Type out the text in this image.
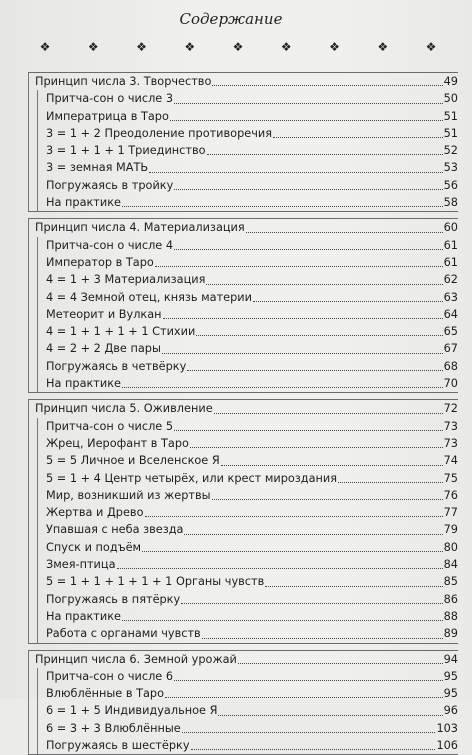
Содержание
❖	❖	❖	❖	❖	❖	❖	❖	❖
Принцип числа 3. Творчество	49
Притча-сон о числе 3	50
Императрица в Таро	51
3 = 1 + 2 Преодоление противоречия	51
3 = 1 + 1 + 1 Триединство	52
3 = земная МАТЬ	53
Погружаясь в тройку	56
На практике	58
Принцип числа 4. Материализация	60
Притча-сон о числе 4	61
Император в Таро	61
4 = 1 + 3 Материализация	62
4 = 4 Земной отец, князь материи	63
Метеорит и Вулкан	64
4 = 1 + 1 + 1 + 1 Стихии	65
4 = 2 + 2 Две пары	67
Погружаясь в четвёрку	68
На практике	70
Принцип числа 5. Оживление	72
Притча-сон о числе 5	73
Жрец, Иерофант в Таро	73
5 = 5 Личное и Вселенское Я	74
5 = 1 + 4 Центр четырёх, или крест мироздания	75
Мир, возникший из жертвы	76
Жертва и Древо	77
Упавшая с неба звезда	79
Спуск и подъём	80
Змея-птица	84
5 = 1 + 1 + 1 + 1 + 1 Органы чувств	85
Погружаясь в пятёрку	86
На практике	88
Работа с органами чувств	89
Принцип числа 6. Земной урожай	94
Притча-сон о числе 6	95
Влюблённые в Таро	95
6 = 1 + 5 Индивидуальное Я	96
6 = 3 + 3 Влюблённые	103
Погружаясь в шестёрку	106
